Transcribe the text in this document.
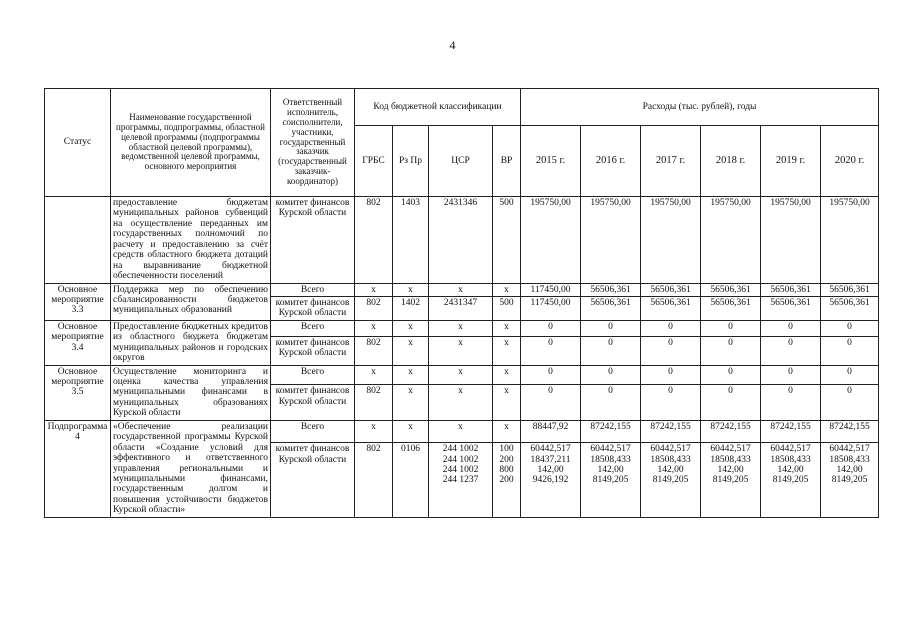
4
Статус	Наименование государственной программы, подпрограммы, областной целевой программы (подпрограммы областной целевой программы), ведомственной целевой программы, основного мероприятия	Ответственный исполнитель, соисполнители, участники, государственный заказчик (государственный заказчик-координатор)	Код бюджетной классификации				Расходы (тыс. рублей), годы					
			ГРБС	Рз Пр	ЦСР	ВР	2015 г.	2016 г.	2017 г.	2018 г.	2019 г.	2020 г.
	предоставление бюджетам муниципальных районов субвенций на осуществление переданных им государственных полномочий по расчету и предоставлению за счёт средств областного бюджета дотаций на выравнивание бюджетной обеспеченности поселений	комитет финансов Курской области	802	1403	2431346	500	195750,00	195750,00	195750,00	195750,00	195750,00	195750,00

Основное мероприятие 3.3	Поддержка мер по обеспечению сбалансированности бюджетов муниципальных образований	Всего	х	х	х	х	117450,00	56506,361	56506,361	56506,361	56506,361	56506,361

		комитет финансов Курской области	802	1402	2431347	500	117450,00	56506,361	56506,361	56506,361	56506,361	56506,361

Основное мероприятие 3.4	Предоставление бюджетных кредитов из областного бюджета бюджетам муниципальных районов и городских округов	Всего	х	х	х	х	0	0	0	0	0	0

		комитет финансов Курской области	802	х	х	х	0	0	0	0	0	0

Основное мероприятие 3.5	Осуществление мониторинга и оценка качества управления муниципальными финансами в муниципальных образованиях Курской области	Всего	х	х	х	х	0	0	0	0	0	0

		комитет финансов Курской области	802	х	х	х	0	0	0	0	0	0

Подпрограмма 4	«Обеспечение реализации государственной программы Курской области «Создание условий для эффективного и ответственного управления региональными и муниципальными финансами, государственным долгом и повышения устойчивости бюджетов Курской области»	Всего	х	х	х	х	88447,92	87242,155	87242,155	87242,155	87242,155	87242,155

		комитет финансов Курской области	802	0106	244 1002
244 1002
244 1002
244 1237	100
200
800
200	60442,517
18437,211
142,00
9426,192	60442,517
18508,433
142,00
8149,205	60442,517
18508,433
142,00
8149,205	60442,517
18508,433
142,00
8149,205	60442,517
18508,433
142,00
8149,205	60442,517
18508,433
142,00
8149,205
